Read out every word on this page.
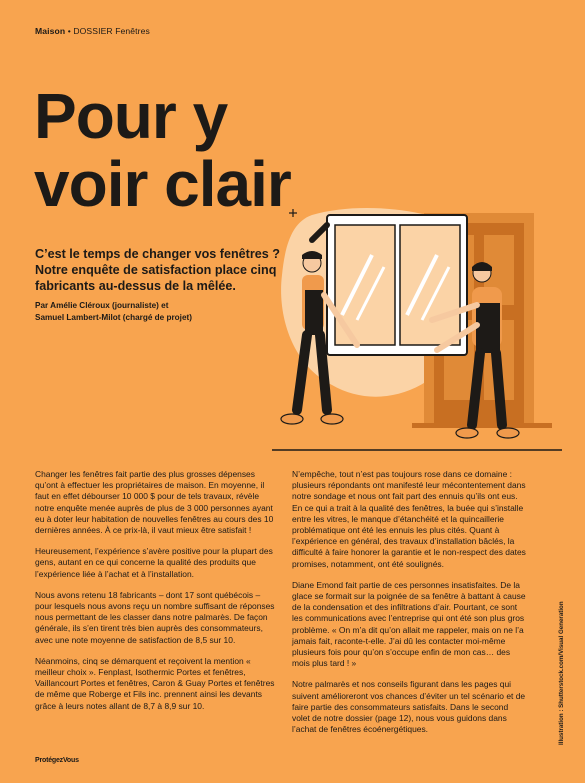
Maison • DOSSIER Fenêtres
Pour y
voir clair

C’est le temps de changer vos fenêtres ? Notre enquête de satisfaction place cinq fabricants au-dessus de la mêlée.

Par Amélie Cléroux (journaliste) et
Samuel Lambert-Milot (chargé de projet)

Changer les fenêtres fait partie des plus grosses dépenses qu’ont à effectuer les propriétaires de maison. En moyenne, il faut en effet débourser 10 000 $ pour de tels travaux, révèle notre enquête menée auprès de plus de 3 000 personnes ayant eu à doter leur habitation de nouvelles fenêtres au cours des 10 dernières années. À ce prix-là, il vaut mieux être satisfait !

Heureusement, l’expérience s’avère positive pour la plupart des gens, autant en ce qui concerne la qualité des produits que l’expérience liée à l’achat et à l’installation.

Nous avons retenu 18 fabricants – dont 17 sont québécois – pour lesquels nous avons reçu un nombre suffisant de réponses nous permettant de les classer dans notre palmarès. De façon générale, ils s’en tirent très bien auprès des consommateurs, avec une note moyenne de satisfaction de 8,5 sur 10.

Néanmoins, cinq se démarquent et reçoivent la mention « meilleur choix ». Fenplast, Isothermic Portes et fenêtres, Vaillancourt Portes et fenêtres, Caron & Guay Portes et fenêtres de même que Roberge et Fils inc. prennent ainsi les devants grâce à leurs notes allant de 8,7 à 8,9 sur 10.

N’empêche, tout n’est pas toujours rose dans ce domaine : plusieurs répondants ont manifesté leur mécontentement dans notre sondage et nous ont fait part des ennuis qu’ils ont eus. En ce qui a trait à la qualité des fenêtres, la buée qui s’installe entre les vitres, le manque d’étanchéité et la quincaillerie problématique ont été les ennuis les plus cités. Quant à l’expérience en général, des travaux d’installation bâclés, la difficulté à faire honorer la garantie et le non-respect des dates promises, notamment, ont été soulignés.

Diane Emond fait partie de ces personnes insatisfaites. De la glace se formait sur la poignée de sa fenêtre à battant à cause de la condensation et des infiltrations d’air. Pourtant, ce sont les communications avec l’entreprise qui ont été son plus gros problème. « On m’a dit qu’on allait me rappeler, mais on ne l’a jamais fait, raconte-t-elle. J’ai dû les contacter moi-même plusieurs fois pour qu’on s’occupe enfin de mon cas… des mois plus tard ! »

Notre palmarès et nos conseils figurant dans les pages qui suivent amélioreront vos chances d’éviter un tel scénario et de faire partie des consommateurs satisfaits. Dans le second volet de notre dossier (page 12), nous vous guidons dans l’achat de fenêtres écoénergétiques.	Illustration : Shutterstock.com/Visual Generation
ProtégezVous
